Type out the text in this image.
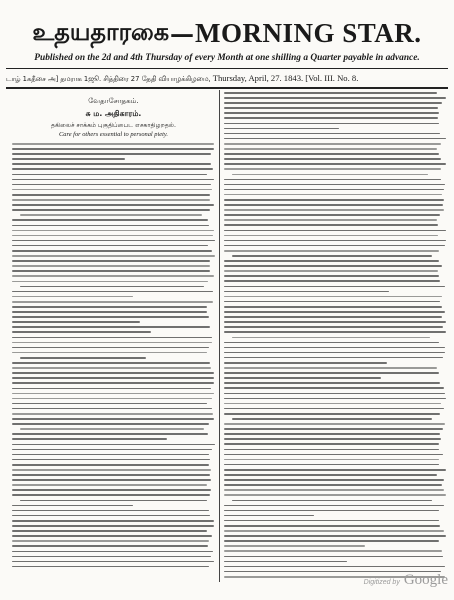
உதயதாரகை — MORNING STAR.
Published on the 2d and 4th Thursday of every Month at one shilling a Quarter payable in advance.
டாழ் 1கதீசை அ] தமராக 1ஜூ. சித்திரை 27 தேதி வியாழக்கிழமை, Thursday, April, 27. 1843. [Vol. III. No. 8.
வேதாசோதகம்.
சு ம. அதிகாரம்.
தகிலைச் சாக்கம் புகுதிப்பைட எசகாதிழறதல்.
Care for others essential to personal piety.
Digitized by Google
